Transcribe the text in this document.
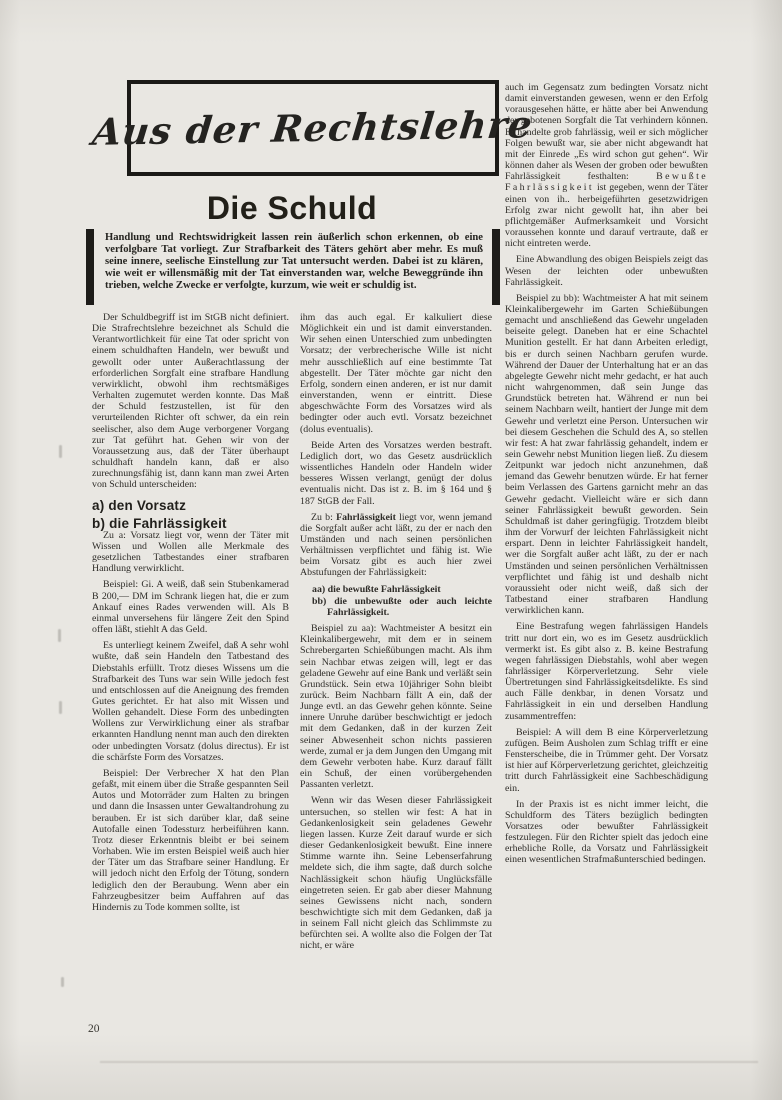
Aus der Rechtslehre
Die Schuld
Handlung und Rechtswidrigkeit lassen rein äußerlich schon erkennen, ob eine verfolgbare Tat vorliegt. Zur Strafbarkeit des Täters gehört aber mehr. Es muß seine innere, seelische Einstellung zur Tat untersucht werden. Dabei ist zu klären, wie weit er willensmäßig mit der Tat einverstanden war, welche Beweggründe ihn trieben, welche Zwecke er verfolgte, kurzum, wie weit er schuldig ist.

Der Schuldbegriff ist im StGB nicht definiert. Die Strafrechtslehre bezeichnet als Schuld die Verantwortlichkeit für eine Tat oder spricht von einem schuldhaften Handeln, wer bewußt und gewollt oder unter Außerachtlassung der erforderlichen Sorgfalt eine strafbare Handlung verwirklicht, obwohl ihm rechtsmäßiges Verhalten zugemutet werden konnte. Das Maß der Schuld festzustellen, ist für den verurteilenden Richter oft schwer, da ein rein seelischer, also dem Auge verborgener Vorgang zur Tat geführt hat. Gehen wir von der Voraussetzung aus, daß der Täter überhaupt schuldhaft handeln kann, daß er also zurechnungsfähig ist, dann kann man zwei Arten von Schuld unterscheiden:

a) den Vorsatz
b) die Fahrlässigkeit

Zu a: Vorsatz liegt vor, wenn der Täter mit Wissen und Wollen alle Merkmale des gesetzlichen Tatbestandes einer strafbaren Handlung verwirklicht.

Beispiel: Gi. A weiß, daß sein Stubenkamerad B 200,— DM im Schrank liegen hat, die er zum Ankauf eines Rades verwenden will. Als B einmal unversehens für längere Zeit den Spind offen läßt, stiehlt A das Geld.

Es unterliegt keinem Zweifel, daß A sehr wohl wußte, daß sein Handeln den Tatbestand des Diebstahls erfüllt. Trotz dieses Wissens um die Strafbarkeit des Tuns war sein Wille jedoch fest und entschlossen auf die Aneignung des fremden Gutes gerichtet. Er hat also mit Wissen und Wollen gehandelt. Diese Form des unbedingten Wollens zur Verwirklichung einer als strafbar erkannten Handlung nennt man auch den direkten oder unbedingten Vorsatz (dolus directus). Er ist die schärfste Form des Vorsatzes.

Beispiel: Der Verbrecher X hat den Plan gefaßt, mit einem über die Straße gespannten Seil Autos und Motorräder zum Halten zu bringen und dann die Insassen unter Gewaltandrohung zu berauben. Er ist sich darüber klar, daß seine Autofalle einen Todessturz herbeiführen kann. Trotz dieser Erkenntnis bleibt er bei seinem Vorhaben. Wie im ersten Beispiel weiß auch hier der Täter um das Strafbare seiner Handlung. Er will jedoch nicht den Erfolg der Tötung, sondern lediglich den der Beraubung. Wenn aber ein Fahrzeugbesitzer beim Auffahren auf das Hindernis zu Tode kommen sollte, ist

ihm das auch egal. Er kalkuliert diese Möglichkeit ein und ist damit einverstanden. Wir sehen einen Unterschied zum unbedingten Vorsatz; der verbrecherische Wille ist nicht mehr ausschließlich auf eine bestimmte Tat abgestellt. Der Täter möchte gar nicht den Erfolg, sondern einen anderen, er ist nur damit einverstanden, wenn er eintritt. Diese abgeschwächte Form des Vorsatzes wird als bedingter oder auch evtl. Vorsatz bezeichnet (dolus eventualis).

Beide Arten des Vorsatzes werden bestraft. Lediglich dort, wo das Gesetz ausdrücklich wissentliches Handeln oder Handeln wider besseres Wissen verlangt, genügt der dolus eventualis nicht. Das ist z. B. im § 164 und § 187 StGB der Fall.

Zu b: Fahrlässigkeit liegt vor, wenn jemand die Sorgfalt außer acht läßt, zu der er nach den Umständen und nach seinen persönlichen Verhältnissen verpflichtet und fähig ist. Wie beim Vorsatz gibt es auch hier zwei Abstufungen der Fahrlässigkeit:

aa) die bewußte Fahrlässigkeit

bb) die unbewußte oder auch leichte Fahrlässigkeit.

Beispiel zu aa): Wachtmeister A besitzt ein Kleinkalibergewehr, mit dem er in seinem Schrebergarten Schießübungen macht. Als ihm sein Nachbar etwas zeigen will, legt er das geladene Gewehr auf eine Bank und verläßt sein Grundstück. Sein etwa 10jähriger Sohn bleibt zurück. Beim Nachbarn fällt A ein, daß der Junge evtl. an das Gewehr gehen könnte. Seine innere Unruhe darüber beschwichtigt er jedoch mit dem Gedanken, daß in der kurzen Zeit seiner Abwesenheit schon nichts passieren werde, zumal er ja dem Jungen den Umgang mit dem Gewehr verboten habe. Kurz darauf fällt ein Schuß, der einen vorübergehenden Passanten verletzt.

Wenn wir das Wesen dieser Fahrlässigkeit untersuchen, so stellen wir fest: A hat in Gedankenlosigkeit sein geladenes Gewehr liegen lassen. Kurze Zeit darauf wurde er sich dieser Gedankenlosigkeit bewußt. Eine innere Stimme warnte ihn. Seine Lebenserfahrung meldete sich, die ihm sagte, daß durch solche Nachlässigkeit schon häufig Unglücksfälle eingetreten seien. Er gab aber dieser Mahnung seines Gewissens nicht nach, sondern beschwichtigte sich mit dem Gedanken, daß ja in seinem Fall nicht gleich das Schlimmste zu befürchten sei. A wollte also die Folgen der Tat nicht, er wäre

auch im Gegensatz zum bedingten Vorsatz nicht damit einverstanden gewesen, wenn er den Erfolg vorausgesehen hätte, er hätte aber bei Anwendung der gebotenen Sorgfalt die Tat verhindern können. Er handelte grob fahrlässig, weil er sich möglicher Folgen bewußt war, sie aber nicht abgewandt hat mit der Einrede „Es wird schon gut gehen“. Wir können daher als Wesen der groben oder bewußten Fahrlässigkeit festhalten: Bewußte Fahrlässigkeit ist gegeben, wenn der Täter einen von ih.. herbeigeführten gesetzwidrigen Erfolg zwar nicht gewollt hat, ihn aber bei pflichtgemäßer Aufmerksamkeit und Vorsicht voraussehen konnte und darauf vertraute, daß er nicht eintreten werde.

Eine Abwandlung des obigen Beispiels zeigt das Wesen der leichten oder unbewußten Fahrlässigkeit.

Beispiel zu bb): Wachtmeister A hat mit seinem Kleinkalibergewehr im Garten Schießübungen gemacht und anschließend das Gewehr ungeladen beiseite gelegt. Daneben hat er eine Schachtel Munition gestellt. Er hat dann Arbeiten erledigt, bis er durch seinen Nachbarn gerufen wurde. Während der Dauer der Unterhaltung hat er an das abgelegte Gewehr nicht mehr gedacht, er hat auch nicht wahrgenommen, daß sein Junge das Grundstück betreten hat. Während er nun bei seinem Nachbarn weilt, hantiert der Junge mit dem Gewehr und verletzt eine Person. Untersuchen wir bei diesem Geschehen die Schuld des A, so stellen wir fest: A hat zwar fahrlässig gehandelt, indem er sein Gewehr nebst Munition liegen ließ. Zu diesem Zeitpunkt war jedoch nicht anzunehmen, daß jemand das Gewehr benutzen würde. Er hat ferner beim Verlassen des Gartens garnicht mehr an das Gewehr gedacht. Vielleicht wäre er sich dann seiner Fahrlässigkeit bewußt geworden. Sein Schuldmaß ist daher geringfügig. Trotzdem bleibt ihm der Vorwurf der leichten Fahrlässigkeit nicht erspart. Denn in leichter Fahrlässigkeit handelt, wer die Sorgfalt außer acht läßt, zu der er nach Umständen und seinen persönlichen Verhältnissen verpflichtet und fähig ist und deshalb nicht voraussieht oder nicht weiß, daß sich der Tatbestand einer strafbaren Handlung verwirklichen kann.

Eine Bestrafung wegen fahrlässigen Handels tritt nur dort ein, wo es im Gesetz ausdrücklich vermerkt ist. Es gibt also z. B. keine Bestrafung wegen fahrlässigen Diebstahls, wohl aber wegen fahrlässiger Körperverletzung. Sehr viele Übertretungen sind Fahrlässigkeitsdelikte. Es sind auch Fälle denkbar, in denen Vorsatz und Fahrlässigkeit in ein und derselben Handlung zusammentreffen:

Beispiel: A will dem B eine Körperverletzung zufügen. Beim Ausholen zum Schlag trifft er eine Fensterscheibe, die in Trümmer geht. Der Vorsatz ist hier auf Körperverletzung gerichtet, gleichzeitig tritt durch Fahrlässigkeit eine Sachbeschädigung ein.

In der Praxis ist es nicht immer leicht, die Schuldform des Täters bezüglich bedingten Vorsatzes oder bewußter Fahrlässigkeit festzulegen. Für den Richter spielt das jedoch eine erhebliche Rolle, da Vorsatz und Fahrlässigkeit einen wesentlichen Strafmaßunterschied bedingen.

20
